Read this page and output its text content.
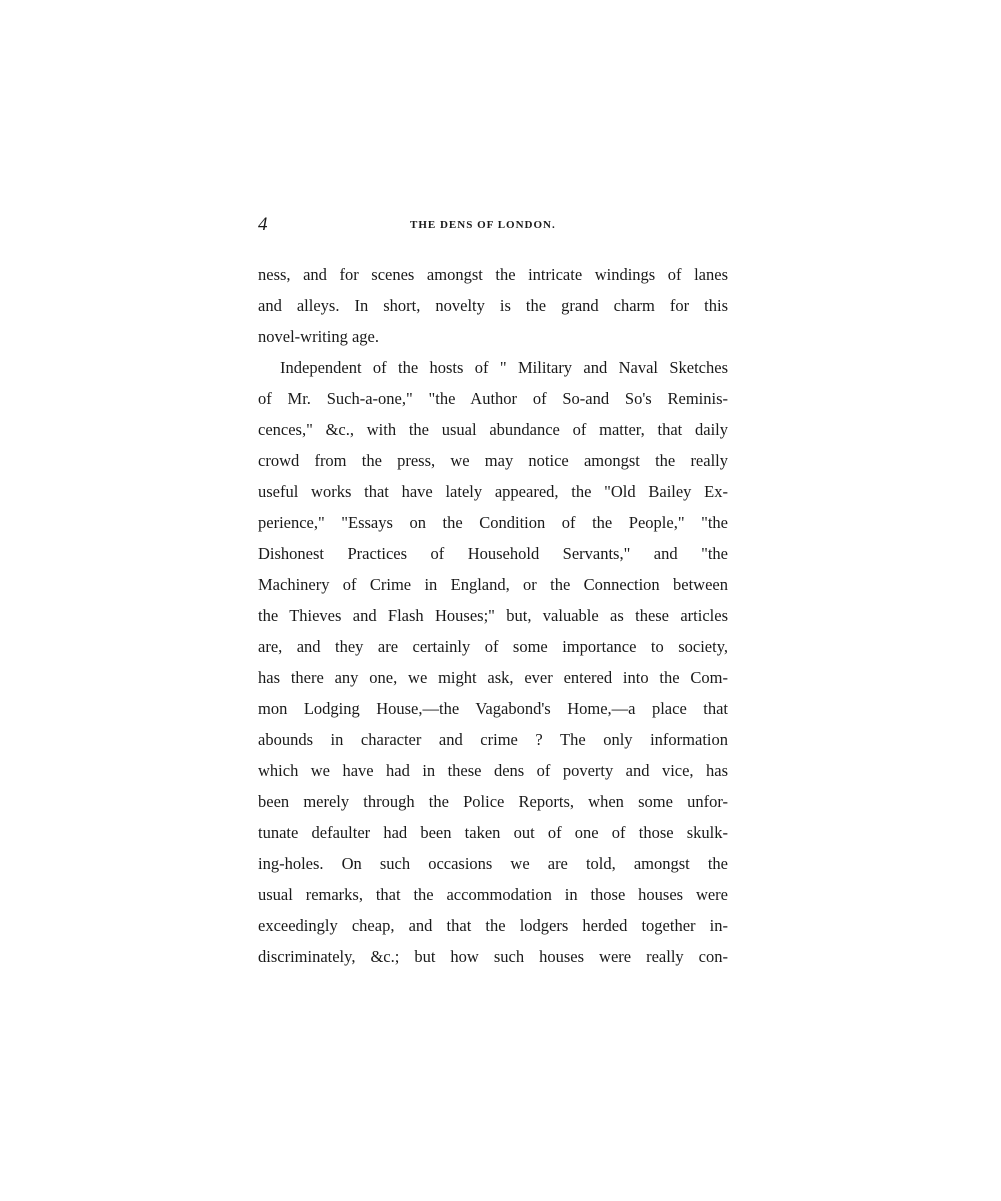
4	THE DENS OF LONDON.
ness, and for scenes amongst the intricate windings of lanes
and alleys. In short, novelty is the grand charm for this
novel-writing age.
Independent of the hosts of " Military and Naval Sketches
of Mr. Such-a-one," "the Author of So-and So's Reminis-
cences," &c., with the usual abundance of matter, that daily
crowd from the press, we may notice amongst the really
useful works that have lately appeared, the "Old Bailey Ex-
perience," "Essays on the Condition of the People," "the
Dishonest Practices of Household Servants," and "the
Machinery of Crime in England, or the Connection between
the Thieves and Flash Houses;" but, valuable as these articles
are, and they are certainly of some importance to society,
has there any one, we might ask, ever entered into the Com-
mon Lodging House,—the Vagabond's Home,—a place that
abounds in character and crime ? The only information
which we have had in these dens of poverty and vice, has
been merely through the Police Reports, when some unfor-
tunate defaulter had been taken out of one of those skulk-
ing-holes. On such occasions we are told, amongst the
usual remarks, that the accommodation in those houses were
exceedingly cheap, and that the lodgers herded together in-
discriminately, &c.; but how such houses were really con-
